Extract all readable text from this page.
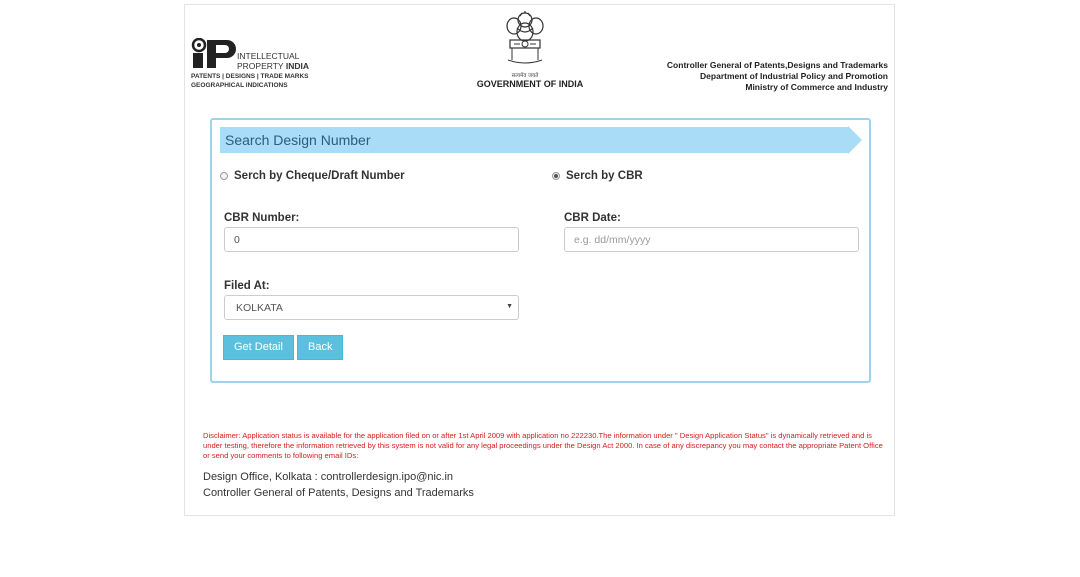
INTELLECTUAL
PROPERTY INDIA
PATENTS | DESIGNS | TRADE MARKS
GEOGRAPHICAL INDICATIONS
सत्यमेव जयते
GOVERNMENT OF INDIA
Controller General of Patents,Designs and Trademarks
Department of Industrial Policy and Promotion
Ministry of Commerce and Industry
Search Design Number
Serch by Cheque/Draft Number	Serch by CBR
CBR Number:
0	CBR Date:
e.g. dd/mm/yyyy
Filed At:
KOLKATA	▼
Get Detail	Back
Disclaimer: Application status is available for the application filed on or after 1st April 2009 with application no 222230.The information under " Design Application Status" is dynamically retrieved and is under testing, therefore the information retrieved by this system is not valid for any legal proceedings under the Design Act 2000. In case of any discrepancy you may contact the appropriate Patent Office or send your comments to following email IDs:
Design Office, Kolkata : controllerdesign.ipo@nic.in
Controller General of Patents, Designs and Trademarks
